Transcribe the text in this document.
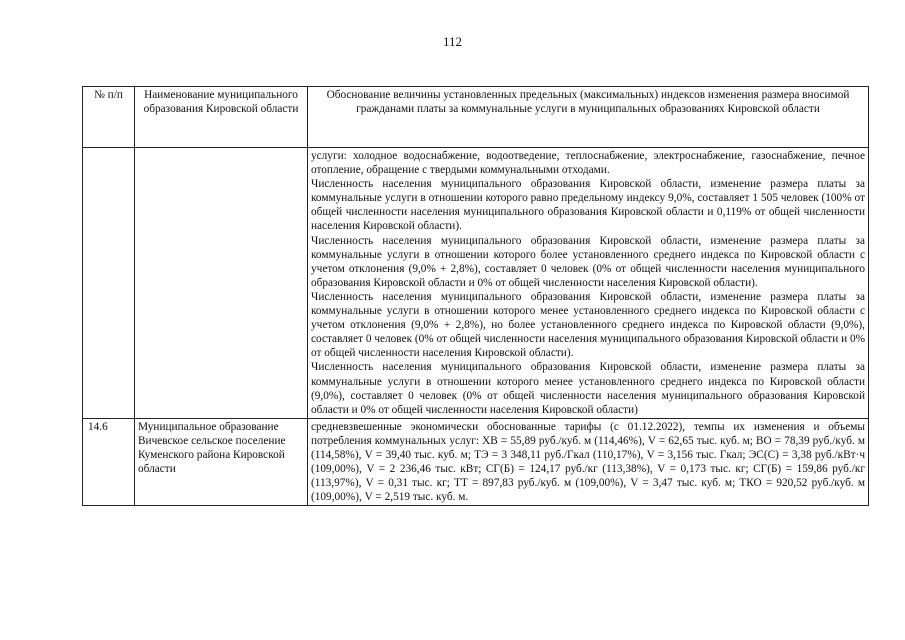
112
№ п/п	Наименование муниципального образования Кировской области	Обоснование величины установленных предельных (максимальных) индексов изменения размера вносимой гражданами платы за коммунальные услуги в муниципальных образованиях Кировской области

		услуги: холодное водоснабжение, водоотведение, теплоснабжение, электроснабжение, газоснабжение, печное отопление, обращение с твердыми коммунальными отходами.

Численность населения муниципального образования Кировской области, изменение размера платы за коммунальные услуги в отношении которого равно предельному индексу 9,0%, составляет 1 505 человек (100% от общей численности населения муниципального образования Кировской области и 0,119% от общей численности населения Кировской области).

Численность населения муниципального образования Кировской области, изменение размера платы за коммунальные услуги в отношении которого более установленного среднего индекса по Кировской области с учетом отклонения (9,0% + 2,8%), составляет 0 человек (0% от общей численности населения муниципального образования Кировской области и 0% от общей численности населения Кировской области).

Численность населения муниципального образования Кировской области, изменение размера платы за коммунальные услуги в отношении которого менее установленного среднего индекса по Кировской области с учетом отклонения (9,0% + 2,8%), но более установленного среднего индекса по Кировской области (9,0%), составляет 0 человек (0% от общей численности населения муниципального образования Кировской области и 0% от общей численности населения Кировской области).

Численность населения муниципального образования Кировской области, изменение размера платы за коммунальные услуги в отношении которого менее установленного среднего индекса по Кировской области (9,0%), составляет 0 человек (0% от общей численности населения муниципального образования Кировской области и 0% от общей численности населения Кировской области)

14.6	Муниципальное образование Вичевское сельское поселение Куменского района Кировской области	средневзвешенные экономически обоснованные тарифы (с 01.12.2022), темпы их изменения и объемы потребления коммунальных услуг: ХВ = 55,89 руб./куб. м (114,46%), V = 62,65 тыс. куб. м; ВО = 78,39 руб./куб. м (114,58%), V = 39,40 тыс. куб. м; ТЭ = 3 348,11 руб./Гкал (110,17%), V = 3,156 тыс. Гкал; ЭС(С) = 3,38 руб./кВт·ч (109,00%), V = 2 236,46 тыс. кВт; СГ(Б) = 124,17 руб./кг (113,38%), V = 0,173 тыс. кг; СГ(Б) = 159,86 руб./кг (113,97%), V = 0,31 тыс. кг; ТТ = 897,83 руб./куб. м (109,00%), V = 3,47 тыс. куб. м; ТКО = 920,52 руб./куб. м (109,00%), V = 2,519 тыс. куб. м.
